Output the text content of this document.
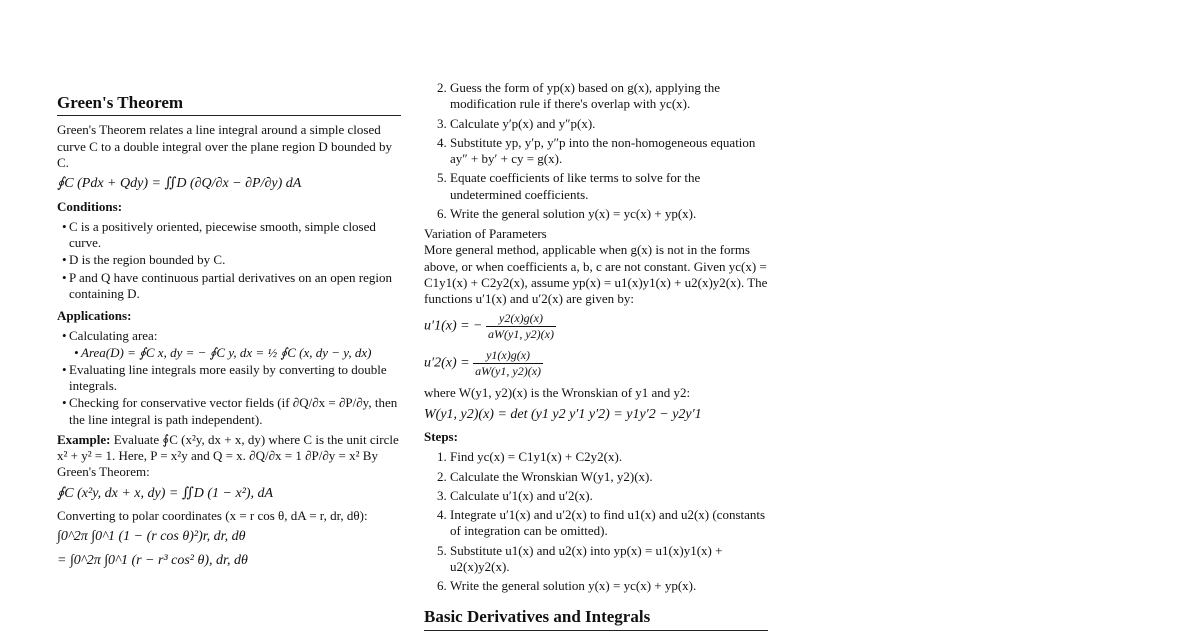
Green's Theorem

Green's Theorem relates a line integral around a simple closed curve C to a double integral over the plane region D bounded by C.

∮C (Pdx + Qdy) = ∬D (∂Q/∂x − ∂P/∂y) dA
Conditions:
• C is a positively oriented, piecewise smooth, simple closed curve.
• D is the region bounded by C.
• P and Q have continuous partial derivatives on an open region containing D.
Applications:
• Calculating area:
• Area(D) = ∮C x, dy = − ∮C y, dx = ½ ∮C (x, dy − y, dx)
• Evaluating line integrals more easily by converting to double integrals.
• Checking for conservative vector fields (if ∂Q/∂x = ∂P/∂y, then the line integral is path independent).

Example: Evaluate ∮C (x²y, dx + x, dy) where C is the unit circle x² + y² = 1. Here, P = x²y and Q = x. ∂Q/∂x = 1 ∂P/∂y = x² By Green's Theorem:

∮C (x²y, dx + x, dy) = ∬D (1 − x²), dA

Converting to polar coordinates (x = r cos θ, dA = r, dr, dθ):

∫0^2π ∫0^1 (1 − (r cos θ)²)r, dr, dθ
= ∫0^2π ∫0^1 (r − r³ cos² θ), dr, dθ
2. Guess the form of yp(x) based on g(x), applying the modification rule if there's overlap with yc(x).
3. Calculate y′p(x) and y″p(x).
4. Substitute yp, y′p, y″p into the non-homogeneous equation ay″ + by′ + cy = g(x).
5. Equate coefficients of like terms to solve for the undetermined coefficients.
6. Write the general solution y(x) = yc(x) + yp(x).
Variation of Parameters

More general method, applicable when g(x) is not in the forms above, or when coefficients a, b, c are not constant. Given yc(x) = C1y1(x) + C2y2(x), assume yp(x) = u1(x)y1(x) + u2(x)y2(x). The functions u′1(x) and u′2(x) are given by:

u′1(x) = − $\frac{y2(x)g(x)}{aW(y1, y2)(x)}$
$u'2(x) = \frac{y1(x)g(x)}{aW(y1, y2)(x)}$

where W(y1, y2)(x) is the Wronskian of y1 and y2:

W(y1, y2)(x) = det (y1 y2 y′1 y′2) = y1y′2 − y2y′1
Steps:
1. Find yc(x) = C1y1(x) + C2y2(x).
2. Calculate the Wronskian W(y1, y2)(x).
3. Calculate u′1(x) and u′2(x).
4. Integrate u′1(x) and u′2(x) to find u1(x) and u2(x) (constants of integration can be omitted).
5. Substitute u1(x) and u2(x) into yp(x) = u1(x)y1(x) + u2(x)y2(x).
6. Write the general solution y(x) = yc(x) + yp(x).
Basic Derivatives and Integrals
